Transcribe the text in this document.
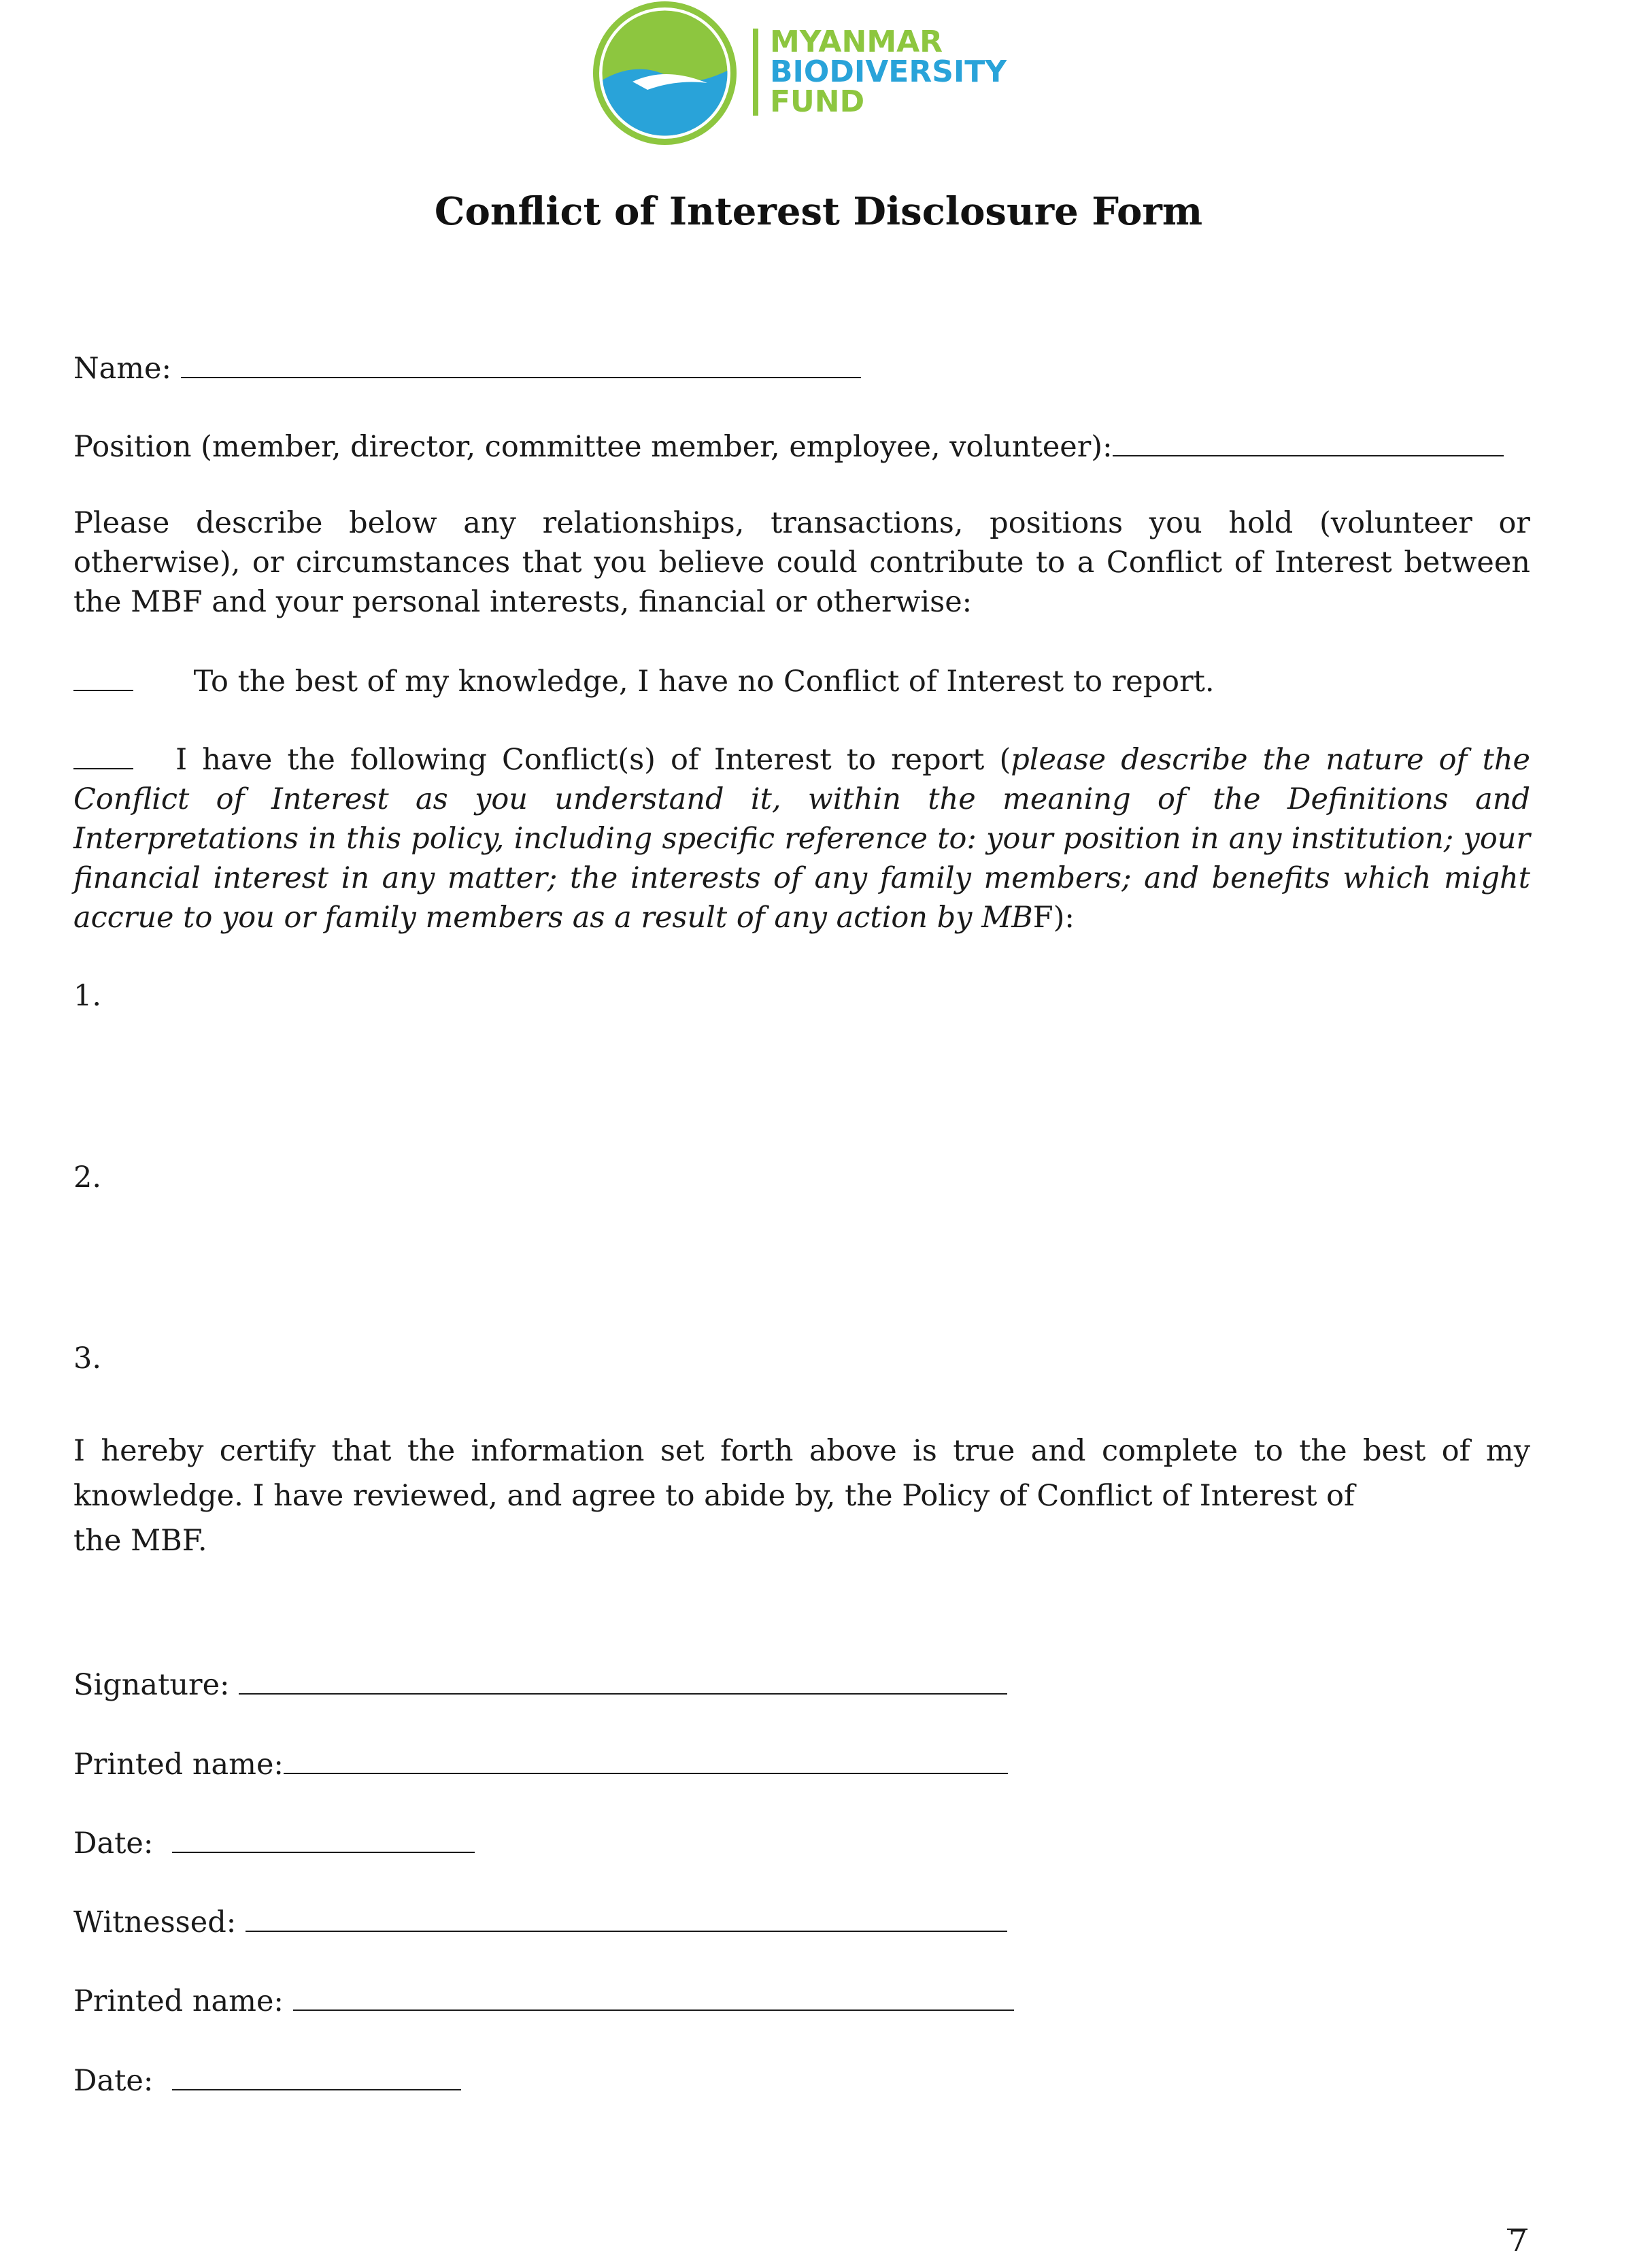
MYANMAR
BIODIVERSITY
FUND
Conflict of Interest Disclosure Form
Name:
Position (member, director, committee member, employee, volunteer):
Please describe below any relationships, transactions, positions you hold (volunteer or otherwise), or circumstances that you believe could contribute to a Conflict of Interest between the MBF and your personal interests, financial or otherwise:
To the best of my knowledge, I have no Conflict of Interest to report.
I have the following Conflict(s) of Interest to report (please describe the nature of the Conflict of Interest as you understand it, within the meaning of the Definitions and Interpretations in this policy, including specific reference to: your position in any institution; your financial interest in any matter; the interests of any family members; and benefits which might accrue to you or family members as a result of any action by MBF):
1.
2.
3.
I hereby certify that the information set forth above is true and complete to the best of my
knowledge. I have reviewed, and agree to abide by, the Policy of Conflict of Interest of
the MBF.
Signature:
Printed name:
Date:
Witnessed:
Printed name:
Date:
7
